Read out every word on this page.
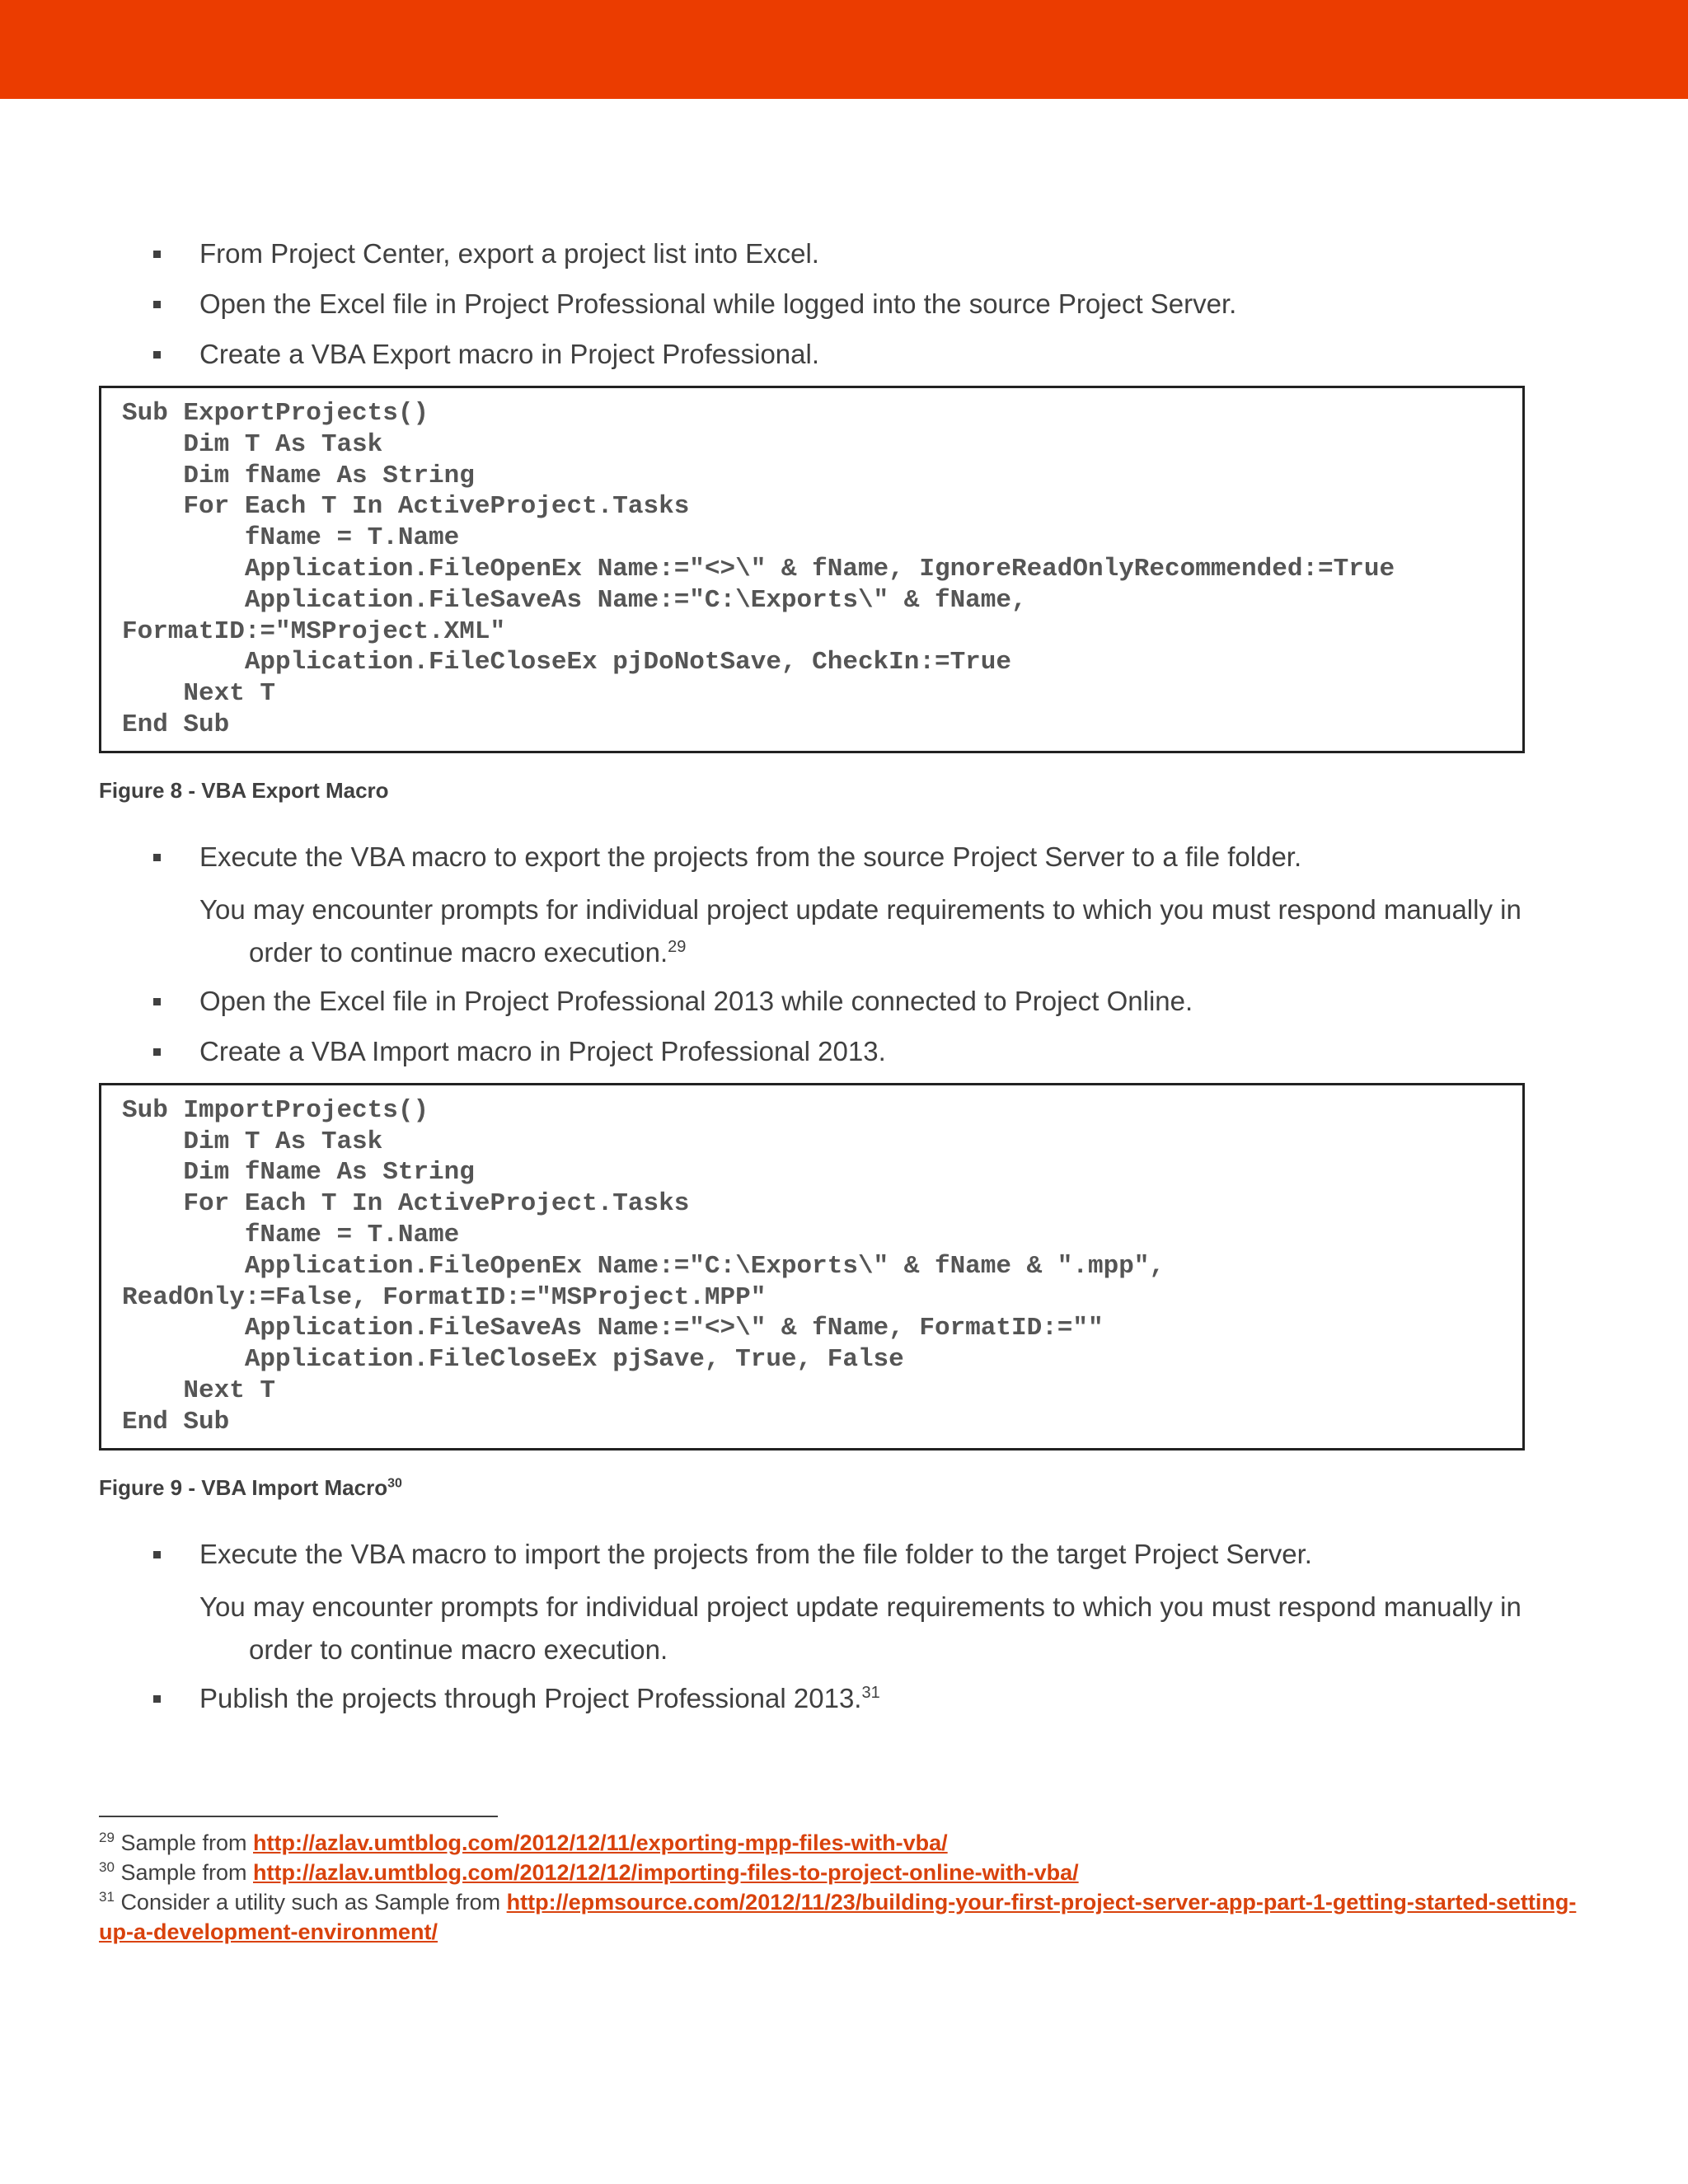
From Project Center, export a project list into Excel.
Open the Excel file in Project Professional while logged into the source Project Server.
Create a VBA Export macro in Project Professional.
Sub ExportProjects()
Dim T As Task
Dim fName As String
For Each T In ActiveProject.Tasks
fName = T.Name
Application.FileOpenEx Name:="<>\" & fName, IgnoreReadOnlyRecommended:=True
Application.FileSaveAs Name:="C:\Exports\" & fName,
FormatID:="MSProject.XML"
Application.FileCloseEx pjDoNotSave, CheckIn:=True
Next T
End Sub
Figure 8 - VBA Export Macro
Execute the VBA macro to export the projects from the source Project Server to a file folder.
You may encounter prompts for individual project update requirements to which you must respond manually in
order to continue macro execution.$^{29}$
Open the Excel file in Project Professional 2013 while connected to Project Online.
Create a VBA Import macro in Project Professional 2013.
Sub ImportProjects()
Dim T As Task
Dim fName As String
For Each T In ActiveProject.Tasks
fName = T.Name
Application.FileOpenEx Name:="C:\Exports\" & fName & ".mpp",
ReadOnly:=False, FormatID:="MSProject.MPP"
Application.FileSaveAs Name:="<>\" & fName, FormatID:=""
Application.FileCloseEx pjSave, True, False
Next T
End Sub
Figure 9 - VBA Import Macro$^{30}$
Execute the VBA macro to import the projects from the file folder to the target Project Server.
You may encounter prompts for individual project update requirements to which you must respond manually in
order to continue macro execution.
Publish the projects through Project Professional 2013.31

$^{29}$ Sample from http://azlav.umtblog.com/2012/12/11/exporting-mpp-files-with-vba/

$^{30}$ Sample from http://azlav.umtblog.com/2012/12/12/importing-files-to-project-online-with-vba/

$^{31}$ Consider a utility such as Sample from http://epmsource.com/2012/11/23/building-your-first-project-server-app-part-1-getting-started-setting-up-a-development-environment/
